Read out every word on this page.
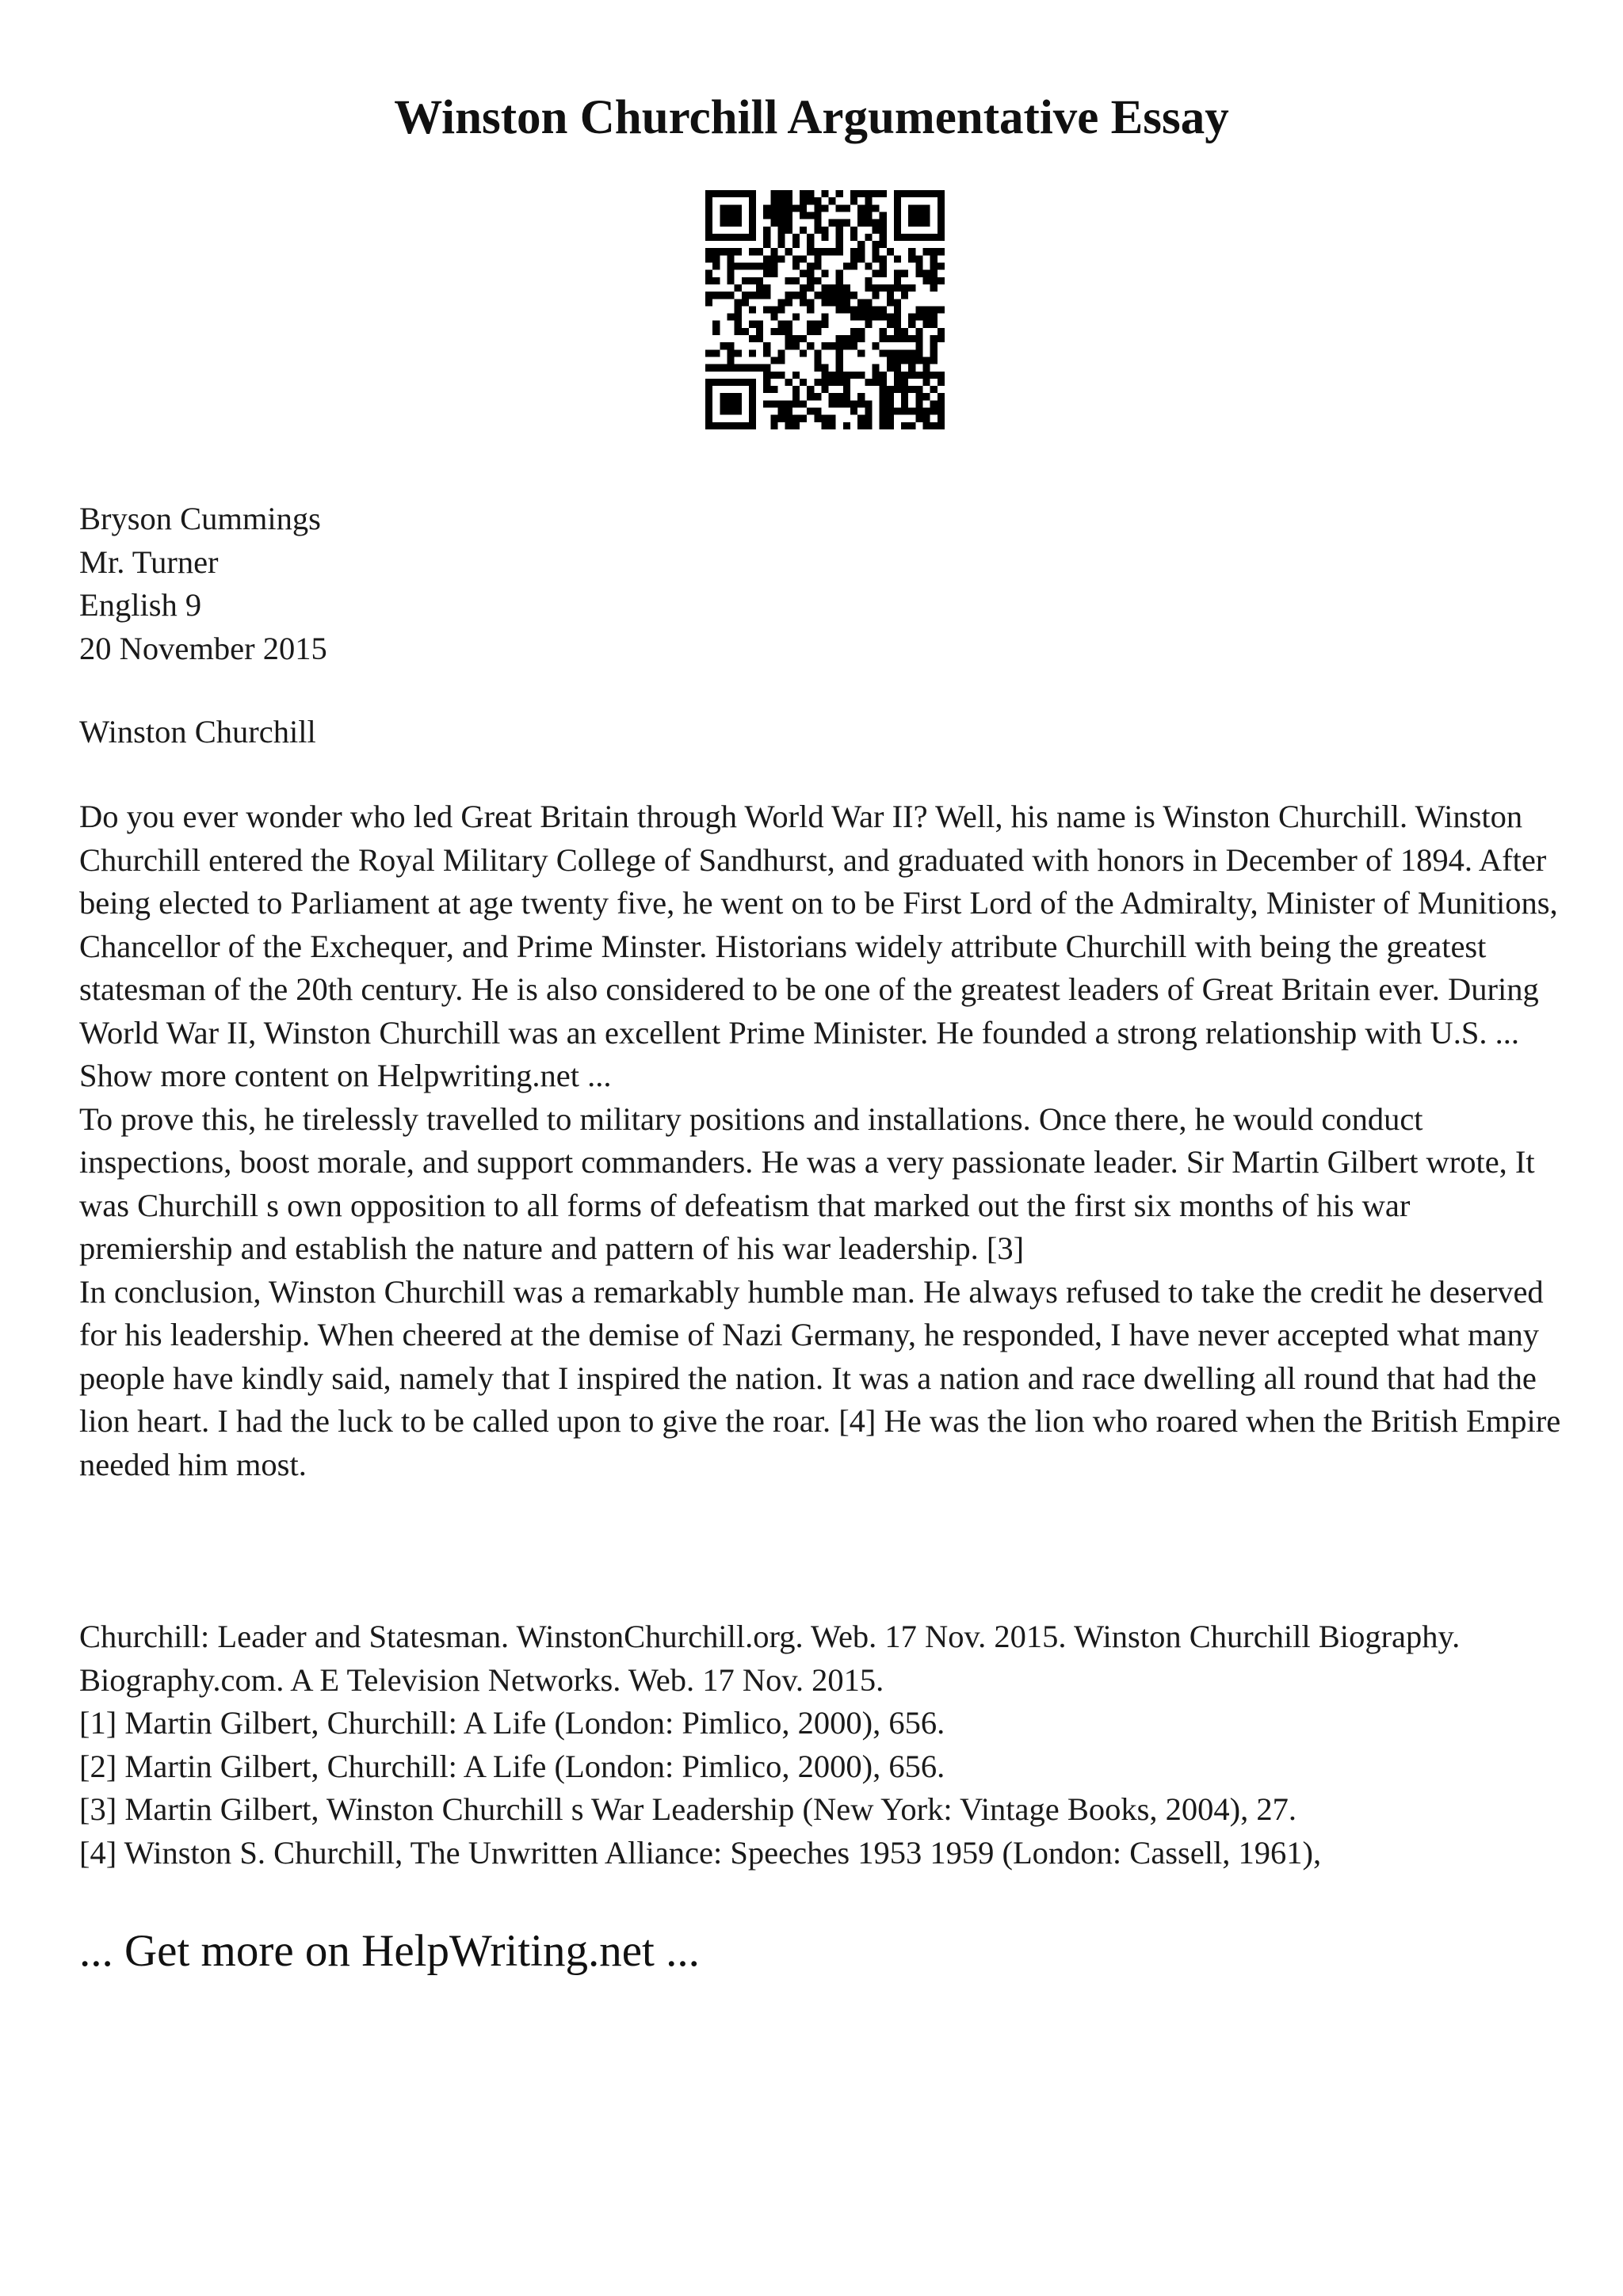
Winston Churchill Argumentative Essay
Bryson Cummings
Mr. Turner
English 9
20 November 2015
Winston Churchill

Do you ever wonder who led Great Britain through World War II? Well, his name is Winston Churchill. Winston Churchill entered the Royal Military College of Sandhurst, and graduated with honors in December of 1894. After being elected to Parliament at age twenty five, he went on to be First Lord of the Admiralty, Minister of Munitions, Chancellor of the Exchequer, and Prime Minster. Historians widely attribute Churchill with being the greatest statesman of the 20th century. He is also considered to be one of the greatest leaders of Great Britain ever. During World War II, Winston Churchill was an excellent Prime Minister. He founded a strong relationship with U.S. ...

Show more content on Helpwriting.net ...

To prove this, he tirelessly travelled to military positions and installations. Once there, he would conduct inspections, boost morale, and support commanders. He was a very passionate leader. Sir Martin Gilbert wrote, It was Churchill s own opposition to all forms of defeatism that marked out the first six months of his war premiership and establish the nature and pattern of his war leadership. [3]

In conclusion, Winston Churchill was a remarkably humble man. He always refused to take the credit he deserved for his leadership. When cheered at the demise of Nazi Germany, he responded, I have never accepted what many people have kindly said, namely that I inspired the nation. It was a nation and race dwelling all round that had the lion heart. I had the luck to be called upon to give the roar. [4] He was the lion who roared when the British Empire needed him most.

Churchill: Leader and Statesman. WinstonChurchill.org. Web. 17 Nov. 2015. Winston Churchill Biography. Biography.com. A E Television Networks. Web. 17 Nov. 2015.

[1] Martin Gilbert, Churchill: A Life (London: Pimlico, 2000), 656.

[2] Martin Gilbert, Churchill: A Life (London: Pimlico, 2000), 656.

[3] Martin Gilbert, Winston Churchill s War Leadership (New York: Vintage Books, 2004), 27.

[4] Winston S. Churchill, The Unwritten Alliance: Speeches 1953 1959 (London: Cassell, 1961),

... Get more on HelpWriting.net ...
